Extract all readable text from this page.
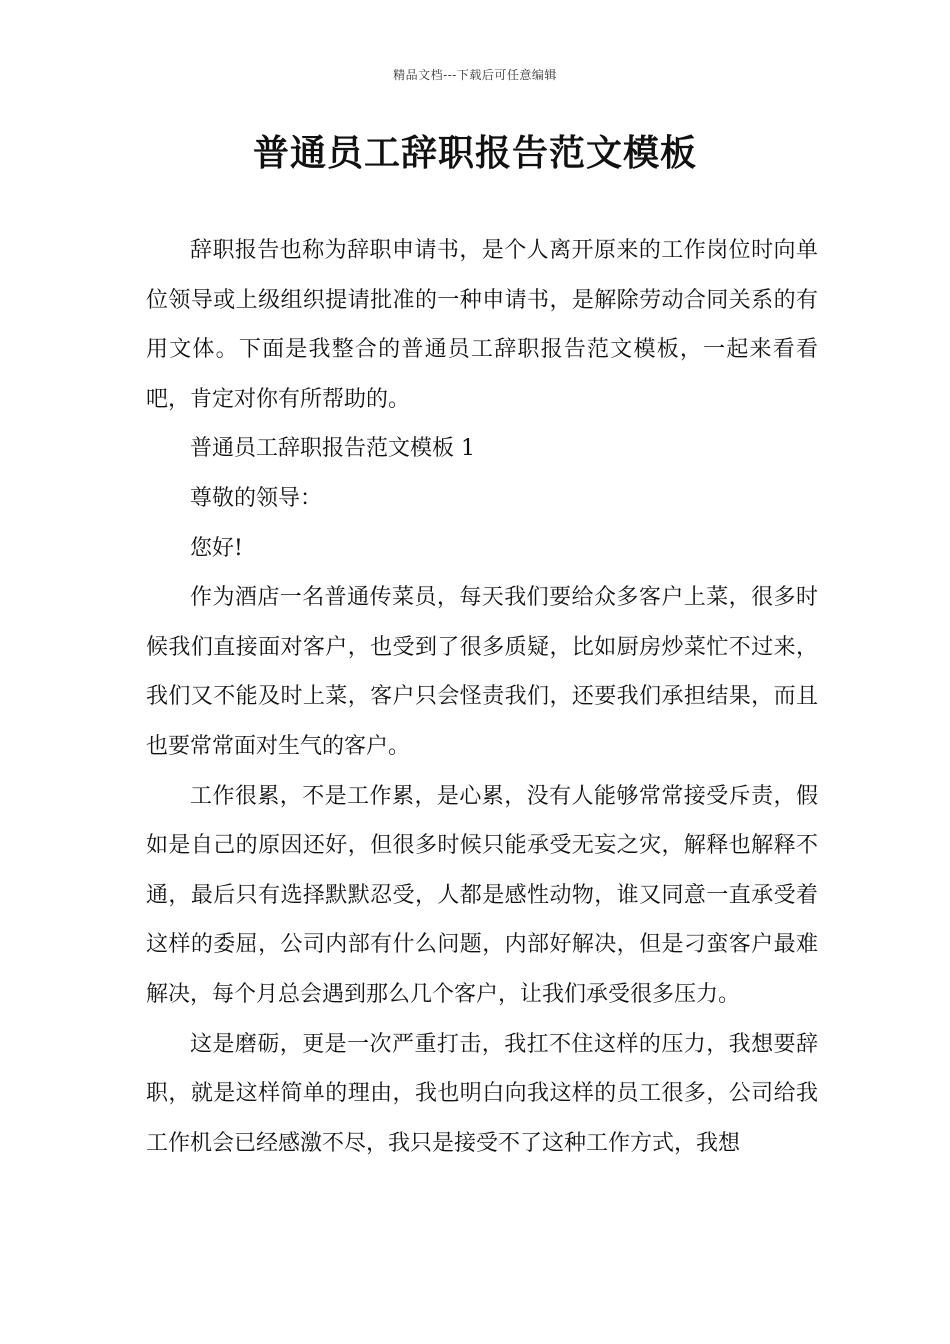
精品文档---下载后可任意编辑
普通员工辞职报告范文模板

辞职报告也称为辞职申请书，是个人离开原来的工作岗位时向单位领导或上级组织提请批准的一种申请书，是解除劳动合同关系的有用文体。下面是我整合的普通员工辞职报告范文模板，一起来看看吧，肯定对你有所帮助的。

普通员工辞职报告范文模板 1

尊敬的领导：

您好!

作为酒店一名普通传菜员，每天我们要给众多客户上菜，很多时候我们直接面对客户，也受到了很多质疑，比如厨房炒菜忙不过来，我们又不能及时上菜，客户只会怪责我们，还要我们承担结果，而且也要常常面对生气的客户。

工作很累，不是工作累，是心累，没有人能够常常接受斥责，假如是自己的原因还好，但很多时候只能承受无妄之灾，解释也解释不通，最后只有选择默默忍受，人都是感性动物，谁又同意一直承受着这样的委屈，公司内部有什么问题，内部好解决，但是刁蛮客户最难解决，每个月总会遇到那么几个客户，让我们承受很多压力。

这是磨砺，更是一次严重打击，我扛不住这样的压力，我想要辞职，就是这样简单的理由，我也明白向我这样的员工很多，公司给我工作机会已经感激不尽，我只是接受不了这种工作方式，我想
